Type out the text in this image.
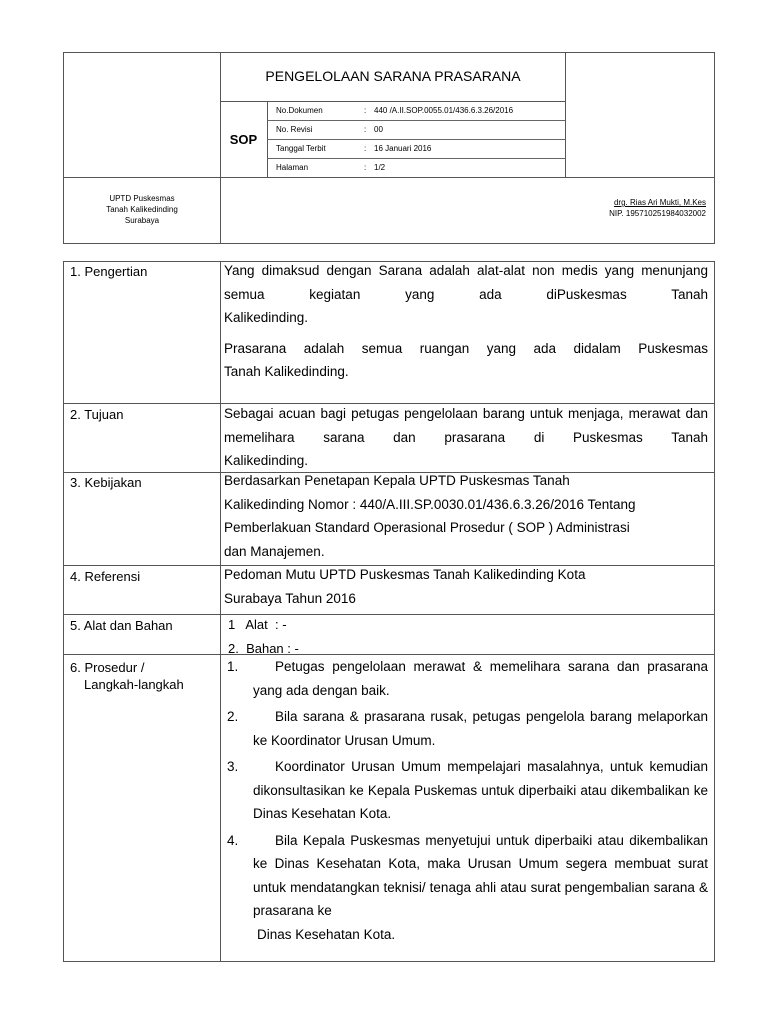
PENGELOLAAN SARANA PRASARANA
SOP
No.Dokumen	: 440 /A.II.SOP.0055.01/436.6.3.26/2016
No. Revisi	: 00
Tanggal Terbit	: 16 Januari 2016
Halaman	: 1/2
UPTD Puskesmas
Tanah Kalikedinding
Surabaya
drg. Rias Ari Mukti, M.Kes
NIP. 195710251984032002
1. Pengertian	Yang dimaksud dengan Sarana adalah alat-alat non medis yang menunjang semua kegiatan yang ada diPuskesmas Tanah
Kalikedinding.
Prasarana adalah semua ruangan yang ada didalam Puskesmas
Tanah Kalikedinding.
2. Tujuan	Sebagai acuan bagi petugas pengelolaan barang untuk menjaga, merawat dan memelihara sarana dan prasarana di Puskesmas Tanah
Kalikedinding.
3. Kebijakan	Berdasarkan Penetapan Kepala UPTD Puskesmas Tanah
Kalikedinding Nomor : 440/A.III.SP.0030.01/436.6.3.26/2016 Tentang
Pemberlakuan Standard Operasional Prosedur ( SOP ) Administrasi
dan Manajemen.
4. Referensi	Pedoman Mutu UPTD Puskesmas Tanah Kalikedinding Kota
Surabaya Tahun 2016
5. Alat dan Bahan	1   Alat  : -
2.  Bahan : -
6. Prosedur /
Langkah-langkah
1.	Petugas pengelolaan merawat & memelihara sarana dan prasarana yang ada dengan baik.
2.	Bila sarana & prasarana rusak, petugas pengelola barang melaporkan ke Koordinator Urusan Umum.
3.	Koordinator Urusan Umum mempelajari masalahnya, untuk kemudian dikonsultasikan ke Kepala Puskemas untuk diperbaiki atau dikembalikan ke Dinas Kesehatan Kota.
4.	Bila Kepala Puskesmas menyetujui untuk diperbaiki atau dikembalikan ke Dinas Kesehatan Kota, maka Urusan Umum segera membuat surat untuk mendatangkan teknisi/ tenaga ahli atau surat pengembalian sarana & prasarana ke
Dinas Kesehatan Kota.
